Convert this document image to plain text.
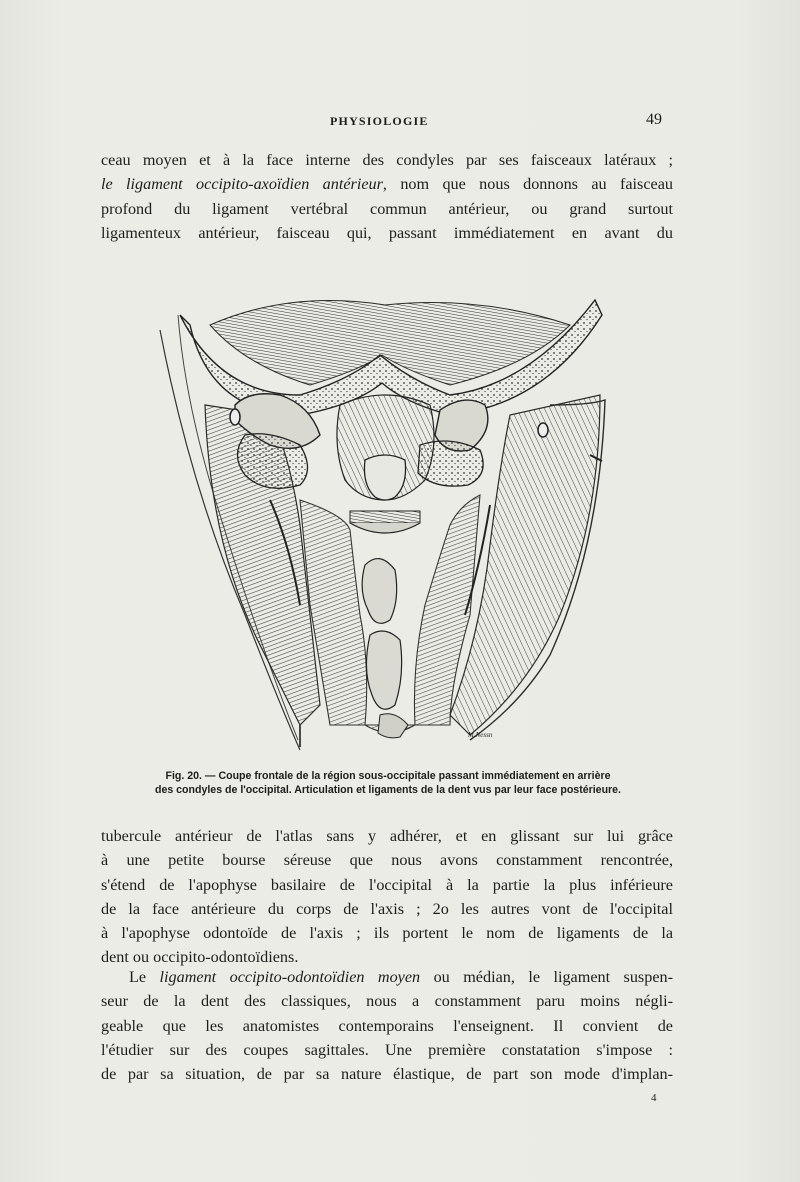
PHYSIOLOGIE	49
ceau moyen et à la face interne des condyles par ses faisceaux latéraux ;
le ligament occipito-axoïdien antérieur, nom que nous donnons au faisceau
profond du ligament vertébral commun antérieur, ou grand surtout
ligamenteux antérieur, faisceau qui, passant immédiatement en avant du
M.Nessn
Fig. 20. — Coupe frontale de la région sous-occipitale passant immédiatement en arrière
des condyles de l'occipital. Articulation et ligaments de la dent vus par leur face postérieure.
tubercule antérieur de l'atlas sans y adhérer, et en glissant sur lui grâce
à une petite bourse séreuse que nous avons constamment rencontrée,
s'étend de l'apophyse basilaire de l'occipital à la partie la plus inférieure
de la face antérieure du corps de l'axis ; 2o les autres vont de l'occipital
à l'apophyse odontoïde de l'axis ; ils portent le nom de ligaments de la
dent ou occipito-odontoïdiens.
Le ligament occipito-odontoïdien moyen ou médian, le ligament suspen-
seur de la dent des classiques, nous a constamment paru moins négli-
geable que les anatomistes contemporains l'enseignent. Il convient de
l'étudier sur des coupes sagittales. Une première constatation s'impose :
de par sa situation, de par sa nature élastique, de part son mode d'implan-
4
